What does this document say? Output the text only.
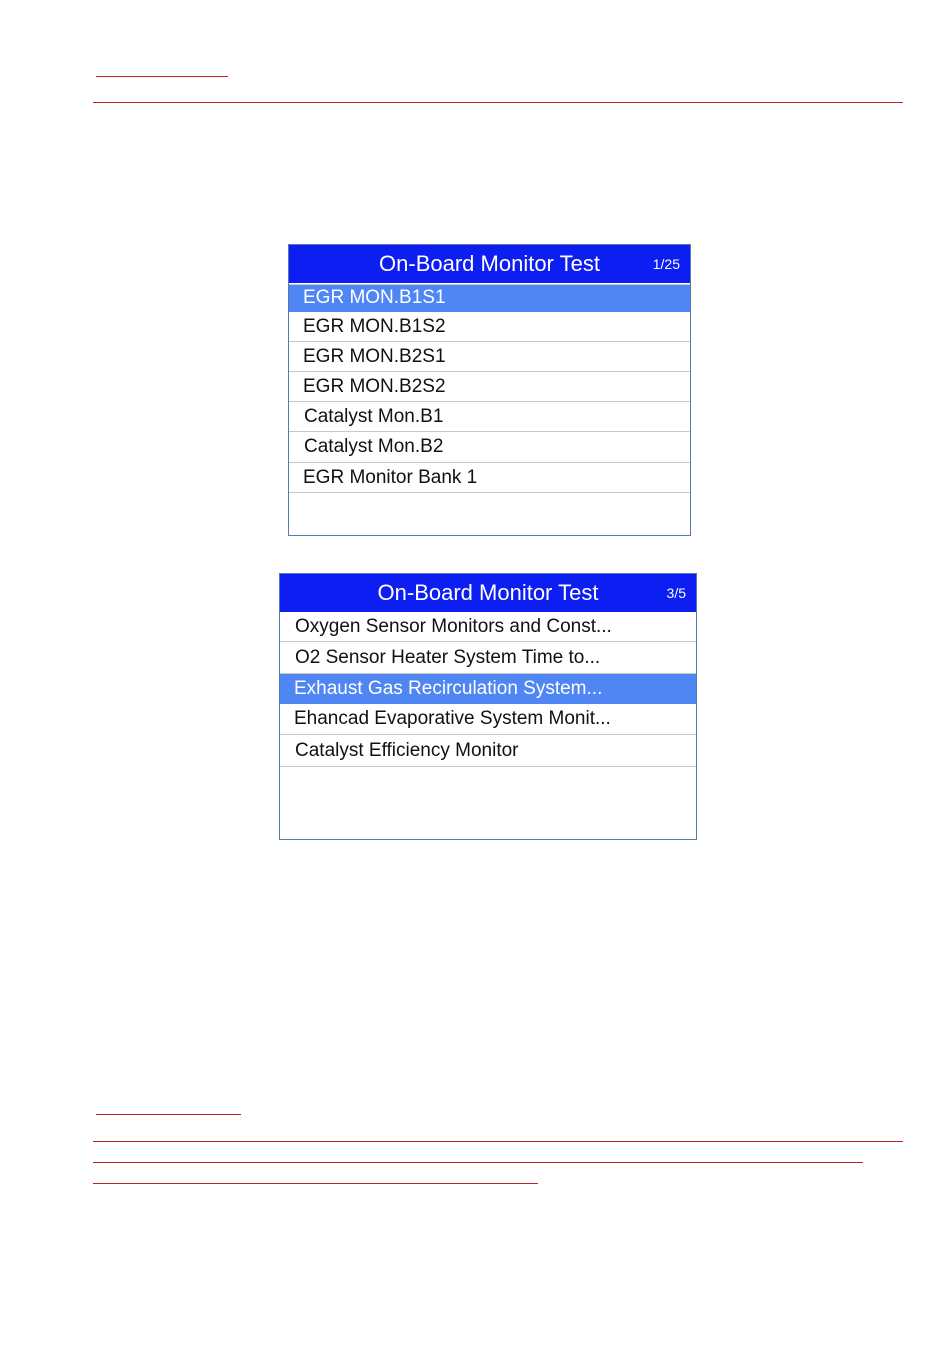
On-Board Monitor Test	1/25
EGR MON.B1S1
EGR MON.B1S2
EGR MON.B2S1
EGR MON.B2S2
Catalyst Mon.B1
Catalyst Mon.B2
EGR Monitor Bank 1
On-Board Monitor Test	3/5
Oxygen Sensor Monitors and Const...
O2 Sensor Heater System Time to...
Exhaust Gas Recirculation System...
Ehancad Evaporative System Monit...
Catalyst Efficiency Monitor
